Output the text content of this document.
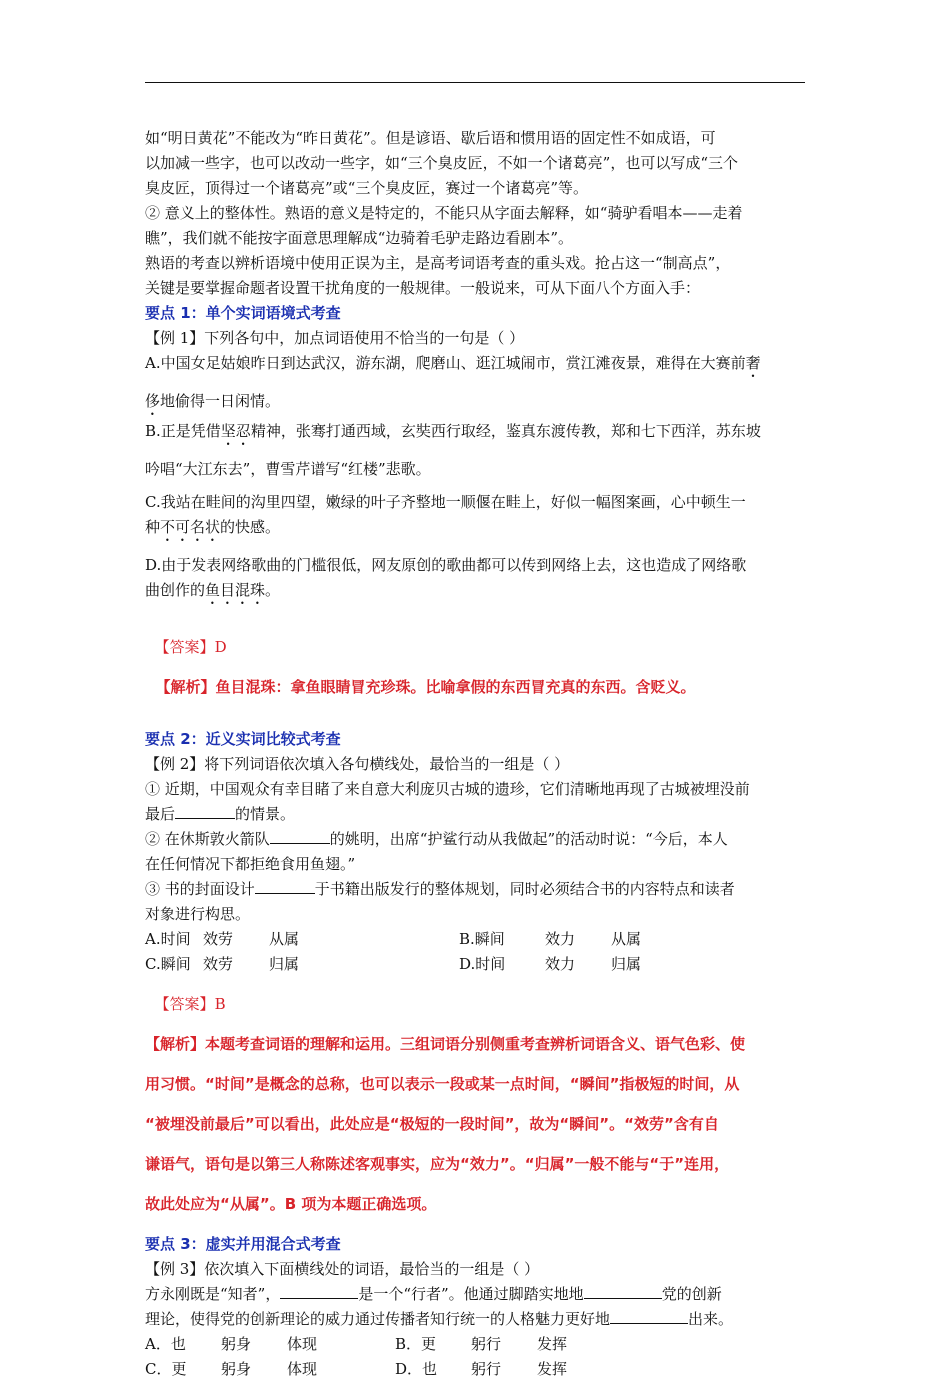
如“明日黄花”不能改为“昨日黄花”。但是谚语、歇后语和惯用语的固定性不如成语，可

以加减一些字，也可以改动一些字，如“三个臭皮匠，不如一个诸葛亮”，也可以写成“三个

臭皮匠，顶得过一个诸葛亮”或“三个臭皮匠，赛过一个诸葛亮”等。

② 意义上的整体性。熟语的意义是特定的，不能只从字面去解释，如“骑驴看唱本——走着

瞧”，我们就不能按字面意思理解成“边骑着毛驴走路边看剧本”。

熟语的考查以辨析语境中使用正误为主，是高考词语考查的重头戏。抢占这一“制高点”，

关键是要掌握命题者设置干扰角度的一般规律。一般说来，可从下面八个方面入手：

要点 1：单个实词语境式考查

【例 1】下列各句中，加点词语使用不恰当的一句是（ ）

A.中国女足姑娘昨日到达武汉，游东湖，爬磨山、逛江城闹市，赏江滩夜景，难得在大赛前奢

侈地偷得一日闲情。

B.正是凭借坚忍精神，张骞打通西域，玄奘西行取经，鉴真东渡传教，郑和七下西洋，苏东坡

吟唱“大江东去”，曹雪芹谱写“红楼”悲歌。

C.我站在畦间的沟里四望，嫩绿的叶子齐整地一顺偃在畦上，好似一幅图案画，心中顿生一

种不可名状的快感。

D.由于发表网络歌曲的门槛很低，网友原创的歌曲都可以传到网络上去，这也造成了网络歌

曲创作的鱼目混珠。

【答案】D

【解析】鱼目混珠：拿鱼眼睛冒充珍珠。比喻拿假的东西冒充真的东西。含贬义。

要点 2：近义实词比较式考查

【例 2】将下列词语依次填入各句横线处，最恰当的一组是（ ）

① 近期，中国观众有幸目睹了来自意大利庞贝古城的遗珍，它们清晰地再现了古城被埋没前

最后	的情景。

② 在休斯敦火箭队	的姚明，出席“护鲨行动从我做起”的活动时说：“今后，本人

在任何情况下都拒绝食用鱼翅。”

③ 书的封面设计	于书籍出版发行的整体规划，同时必须结合书的内容特点和读者

对象进行构思。

A.时间 效劳	从属	B.瞬间	效力	从属
C.瞬间 效劳	归属	D.时间	效力	归属

【答案】B

【解析】本题考查词语的理解和运用。三组词语分别侧重考查辨析词语含义、语气色彩、使

用习惯。“时间”是概念的总称，也可以表示一段或某一点时间，“瞬间”指极短的时间，从

“被埋没前最后”可以看出，此处应是“极短的一段时间”，故为“瞬间”。“效劳”含有自

谦语气，语句是以第三人称陈述客观事实，应为“效力”。“归属”一般不能与“于”连用，

故此处应为“从属”。B 项为本题正确选项。

要点 3：虚实并用混合式考查

【例 3】依次填入下面横线处的词语，最恰当的一组是（ ）

方永刚既是“知者”，	是一个“行者”。他通过脚踏实地地	党的创新

理论，使得党的创新理论的威力通过传播者知行统一的人格魅力更好地	出来。

A．也	躬身	体现	B．更	躬行	发挥
C．更	躬身	体现	D．也	躬行	发挥
